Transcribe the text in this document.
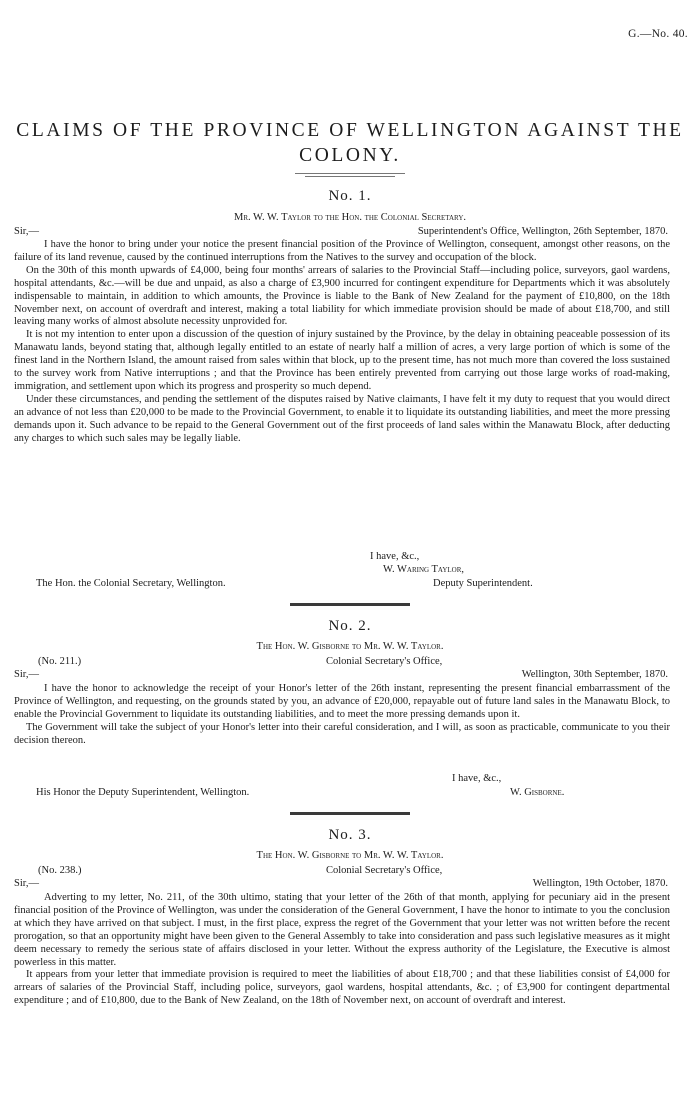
G.—No. 40.
CLAIMS OF THE PROVINCE OF WELLINGTON AGAINST THE
COLONY.
No. 1.
Mr. W. W. Taylor to the Hon. the Colonial Secretary.
Sir,—	Superintendent's Office, Wellington, 26th September, 1870.

I have the honor to bring under your notice the present financial position of the Province of Wellington, consequent, amongst other reasons, on the failure of its land revenue, caused by the continued interruptions from the Natives to the survey and occupation of the block.

On the 30th of this month upwards of £4,000, being four months' arrears of salaries to the Provincial Staff—including police, surveyors, gaol wardens, hospital attendants, &c.—will be due and unpaid, as also a charge of £3,900 incurred for contingent expenditure for Departments which it was absolutely indispensable to maintain, in addition to which amounts, the Province is liable to the Bank of New Zealand for the payment of £10,800, on the 18th November next, on account of overdraft and interest, making a total liability for which immediate provision should be made of about £18,700, and still leaving many works of almost absolute necessity unprovided for.

It is not my intention to enter upon a discussion of the question of injury sustained by the Province, by the delay in obtaining peaceable possession of its Manawatu lands, beyond stating that, although legally entitled to an estate of nearly half a million of acres, a very large portion of which is some of the finest land in the Northern Island, the amount raised from sales within that block, up to the present time, has not much more than covered the loss sustained to the survey work from Native interruptions ; and that the Province has been entirely prevented from carrying out those large works of road-making, immigration, and settlement upon which its progress and prosperity so much depend.

Under these circumstances, and pending the settlement of the disputes raised by Native claimants, I have felt it my duty to request that you would direct an advance of not less than £20,000 to be made to the Provincial Government, to enable it to liquidate its outstanding liabilities, and meet the more pressing demands upon it. Such advance to be repaid to the General Government out of the first proceeds of land sales within the Manawatu Block, after deducting any charges to which such sales may be legally liable.

I have, &c.,
W. Waring Taylor,
The Hon. the Colonial Secretary, Wellington.	Deputy Superintendent.
No. 2.
The Hon. W. Gisborne to Mr. W. W. Taylor.
(No. 211.)	Colonial Secretary's Office,
Sir,—	Wellington, 30th September, 1870.

I have the honor to acknowledge the receipt of your Honor's letter of the 26th instant, representing the present financial embarrassment of the Province of Wellington, and requesting, on the grounds stated by you, an advance of £20,000, repayable out of future land sales in the Manawatu Block, to enable the Provincial Government to liquidate its outstanding liabilities, and to meet the more pressing demands upon it.

The Government will take the subject of your Honor's letter into their careful consideration, and I will, as soon as practicable, communicate to you their decision thereon.

I have, &c.,
His Honor the Deputy Superintendent, Wellington.	W. Gisborne.
No. 3.
The Hon. W. Gisborne to Mr. W. W. Taylor.
(No. 238.)	Colonial Secretary's Office,
Sir,—	Wellington, 19th October, 1870.

Adverting to my letter, No. 211, of the 30th ultimo, stating that your letter of the 26th of that month, applying for pecuniary aid in the present financial position of the Province of Wellington, was under the consideration of the General Government, I have the honor to intimate to you the conclusion at which they have arrived on that subject. I must, in the first place, express the regret of the Government that your letter was not written before the recent prorogation, so that an opportunity might have been given to the General Assembly to take into consideration and pass such legislative measures as it might deem necessary to remedy the serious state of affairs disclosed in your letter. Without the express authority of the Legislature, the Executive is almost powerless in this matter.

It appears from your letter that immediate provision is required to meet the liabilities of about £18,700 ; and that these liabilities consist of £4,000 for arrears of salaries of the Provincial Staff, including police, surveyors, gaol wardens, hospital attendants, &c. ; of £3,900 for contingent departmental expenditure ; and of £10,800, due to the Bank of New Zealand, on the 18th of November next, on account of overdraft and interest.
